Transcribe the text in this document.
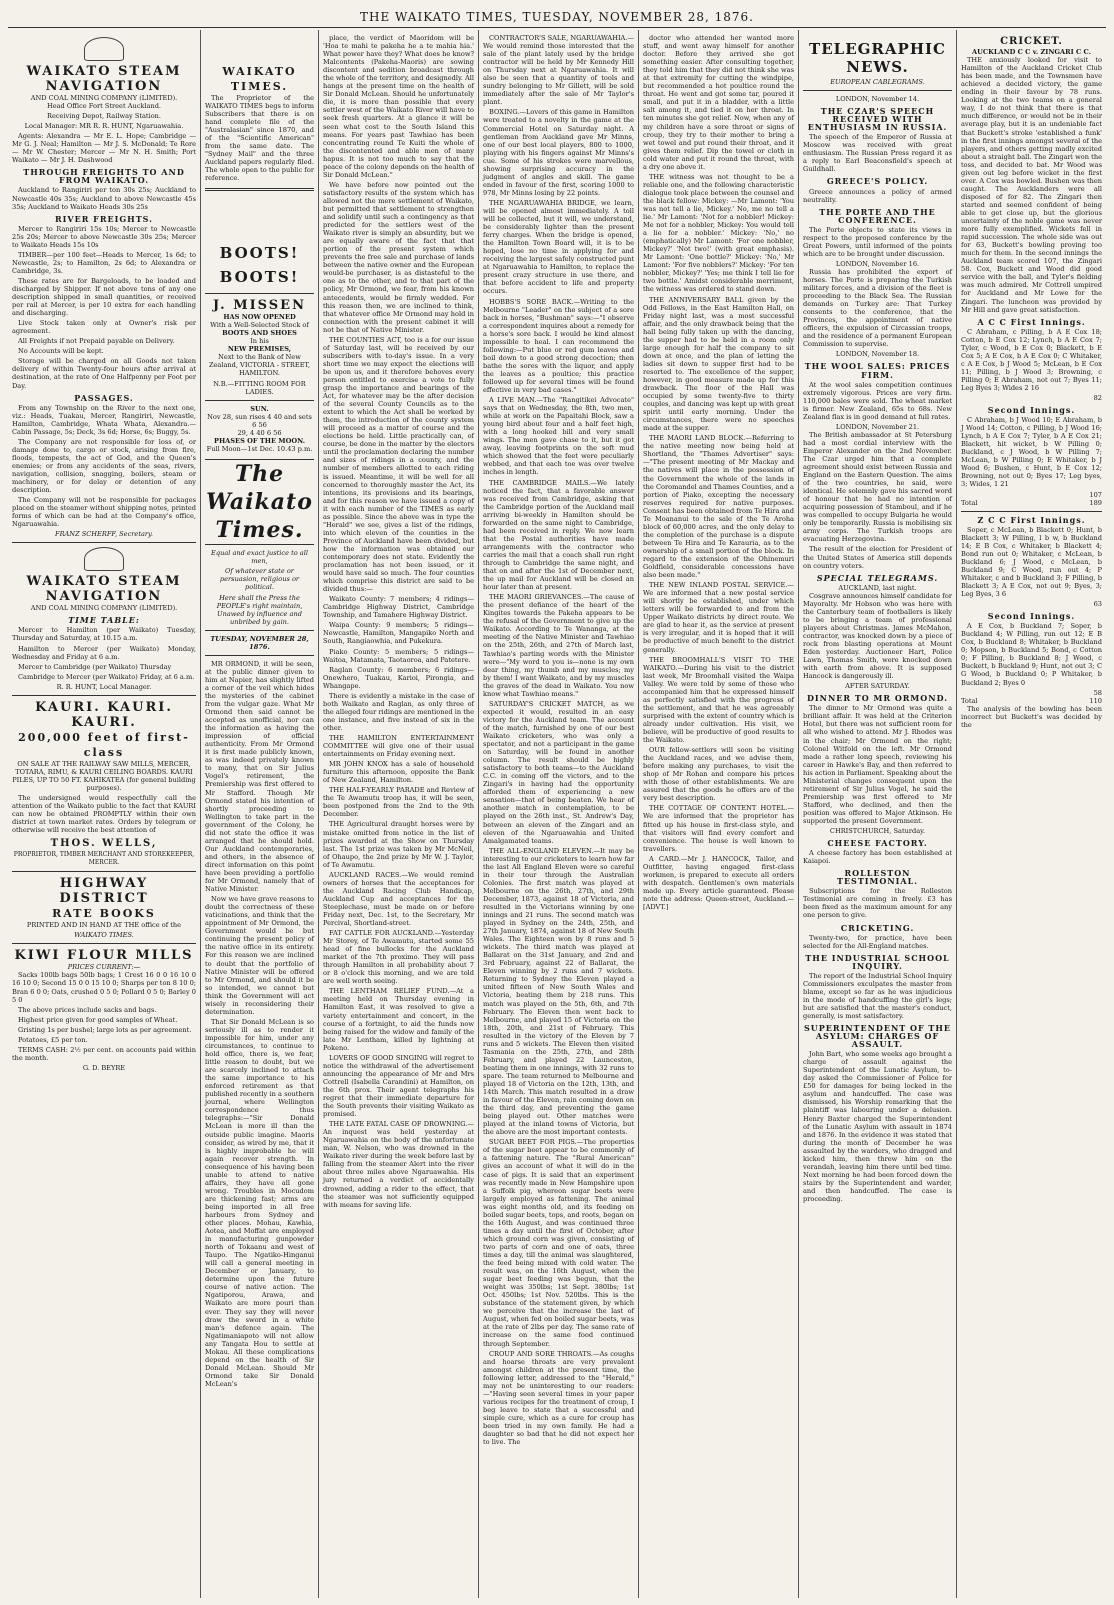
THE WAIKATO TIMES, TUESDAY, NOVEMBER 28, 1876.
WAIKATO STEAM NAVIGATION
AND COAL MINING COMPANY (LIMITED).

Head Office Fort Street Auckland.

Receiving Depot, Railway Station.

Local Manager: MR R. R. HUNT, Ngaruawahia.

Agents: Alexandra — Mr E. L. Hope; Cambridge — Mr G. J. Neal; Hamilton — Mr J. S. McDonald; Te Rore — Mr W. Chester; Mercer — Mr N. H. Smith; Port Waikato — Mr J. H. Dashwood

THROUGH FREIGHTS TO AND FROM WAIKATO.

Auckland to Rangiriri per ton 30s 25s; Auckland to Newcastle 40s 35s; Auckland to above Newcastle 45s 35s; Auckland to Waikato Heads 30s 25s

RIVER FREIGHTS.

Mercer to Rangiriri 15s 10s; Mercer to Newcastle 25s 20s; Mercer to above Newcastle 30s 25s; Mercer to Waikato Heads 15s 10s

TIMBER—per 100 feet—Heads to Mercer, 1s 6d; to Newcastle, 2s; to Hamilton, 2s 6d; to Alexandra or Cambridge, 3s.

These rates are for Bargeloads, to be loaded and discharged by Shipper. If not above tons of any one description shipped in small quantities, or received per rail at Mercer, is per 10 extra for each handling and discharging.

Live Stock taken only at Owner's risk per agreement.

All Freights if not Prepaid payable on Delivery.

No Accounts will be kept.

Storage will be charged on all Goods not taken delivery of within Twenty-four hours after arrival at destination, at the rate of One Halfpenny per Foot per Day.

PASSAGES.

From any Township on the River to the next one, viz.: Heads, Tuakau, Mercer, Rangiriri, Newcastle, Hamilton, Cambridge, Whata Whata, Alexandra.—Cabin Passage, 5s; Deck, 3s 6d; Horse, 6s; Buggy, 5s.

The Company are not responsible for loss of, or damage done to, cargo or stock, arising from fire, floods, tempests, the act of God, and the Queen's enemies; or from any accidents of the seas, rivers, navigation, collision, snagging, boilers, steam or machinery, or for delay or detention of any description.

The Company will not be responsible for packages placed on the steamer without shipping notes, printed forms of which can be had at the Company's office, Ngaruawahia.

FRANZ SCHERFF, Secretary.

WAIKATO STEAM NAVIGATION
AND COAL MINING COMPANY (LIMITED).
TIME TABLE:

Mercer to Hamilton (per Waikato) Tuesday, Thursday and Saturday, at 10.15 a.m.

Hamilton to Mercer (per Waikato) Monday, Wednesday and Friday at 6 a.m.

Mercer to Cambridge (per Waikato) Thursday

Cambridge to Mercer (per Waikato) Friday, at 6 a.m.

R. R. HUNT, Local Manager.

KAURI. KAURI. KAURI.
200,000 feet of first-class
ON SALE AT THE RAILWAY SAW MILLS, MERCER,

TOTARA, RIMU, & KAURI CEILING BOARDS. KAURI PILES, UP TO 50 FT. KAHIKATEA (for general building purposes).

The undersigned would respectfully call the attention of the Waikato public to the fact that KAURI can now be obtained PROMPTLY within their own district at town market rates. Orders by telegram or otherwise will receive the best attention of

THOS. WELLS,

PROPRIETOR, TIMBER MERCHANT AND STOREKEEPER, MERCER.

HIGHWAY DISTRICT
RATE BOOKS

PRINTED AND IN HAND AT THE office of the

WAIKATO TIMES.

KIWI FLOUR MILLS
PRICES CURRENT:—

Sacks 100lb bags 50lb bags; 1 Crest 16 0 0 16 10 0 16 10 0; Second 15 0 0 15 10 0; Sharps per ton 8 10 0; Bran 6 0 0; Oats, crushed 0 5 0; Pollard 0 5 0; Barley 0 5 0

The above prices include sacks and bags.

Highest price given for good samples of Wheat.

Gristing 1s per bushel; large lots as per agreement.

Potatoes, £5 per ton.

TERMS CASH: 2½ per cent. on accounts paid within the month.

G. D. BEYRE

WAIKATO TIMES.

The Proprietor of the WAIKATO TIMES begs to inform Subscribers that there is on hand complete file of the "Australasian" since 1870, and of the "Scientific American" from the same date. The "Sydney Mail" and the three Auckland papers regularly filed. The whole open to the public for reference.

BOOTS! BOOTS!
J. MISSEN
HAS NOW OPENED
With a Well-Selected Stock of
BOOTS AND SHOES
In his
NEW PREMISES,
Next to the Bank of New Zealand, VICTORIA - STREET, HAMILTON.
N.B.—FITTING ROOM FOR LADIES.
SUN.
Nov 28, sun rises 4 40 and sets 6 56
29, 4 40 6 56
PHASES OF THE MOON.
Full Moon—1st Dec. 10.43 p.m.
The Waikato Times.

Equal and exact justice to all men,

Of whatever state or persuasion, religious or political.

Here shall the Press the PEOPLE's right maintain, Unawed by influence and unbribed by gain.

TUESDAY, NOVEMBER 28, 1876.

MR ORMOND, it will be seen, at the public dinner given to him at Napier, has slightly lifted a corner of the veil which hides the mysteries of the cabinet from the vulgar gaze. What Mr Ormond then said cannot be accepted as unofficial, nor can the information as having the impression of official authenticity. From Mr Ormond it is first made publicly known, as was indeed privately known to many, that on Sir Julius Vogel's retirement, the Premiership was first offered to Mr Stafford. Though Mr Ormond stated his intention of shortly proceeding to Wellington to take part in the government of the Colony, he did not state the office it was arranged that he should hold. Our Auckland contemporaries, and others, in the absence of direct information on this point have been providing a portfolio for Mr Ormond, namely that of Native Minister.

Now we have grave reasons to doubt the correctness of these vaticinations, and think that the appointment of Mr Ormond, the Government would be but continuing the present policy of the native office in its entirety. For this reason we are inclined to doubt that the portfolio of Native Minister will be offered to Mr Ormond, and should it be so intended, we cannot but think the Government will act wisely in reconsidering their determination.

That Sir Donald McLean is so seriously ill as to render it impossible for him, under any circumstances, to continue to hold office, there is, we fear, little reason to doubt, but we are scarcely inclined to attach the same importance to his enforced retirement as that published recently in a southern journal, where Wellington correspondence thus telegraphs:—"Sir Donald McLean is more ill than the outside public imagine. Maoris consider, as wired by me, that it is highly improbable he will again recover strength. In consequence of his having been unable to attend to native affairs, they have all gone wrong. Troubles in Mocudom are thickening fast; arms are being imported in all free harbours from Sydney and other places. Mohau, Kawhia, Aotea, and Moffat are employed in manufacturing gunpowder north of Tokaanu and west of Taupo. The Ngatiko-Hinganui will call a general meeting in December or January, to determine upon the future course of native action. The Ngatiporou, Arawa, and Waikato are more pouri than ever. They say they will never draw the sword in a white man's defence again. The Ngatimaniapoto will not allow any Tangata Hou to settle at Mokau. All these complications depend on the health of Sir Donald McLean. Should Mr Ormond take Sir Donald McLean's

place, the verdict of Maoridom will be 'Hoa te mahi te pakeha he a te mahia hia.' What power have they? What does he know? Malcontents (Pakeha-Maoris) are sowing discontent and sedition broadcast through the whole of the territory, and designedly. All hangs at the present time on the health of Sir Donald McLean. Should he unfortunately die, it is more than possible that every settler west of the Waikato River will have to seek fresh quarters. At a glance it will be seen what cost to the South Island this means. For years past Tawhiao has been concentrating round Te Kuiti the whole of the discontented and able men of many hapus. It is not too much to say that the peace of the colony depends on the health of Sir Donald McLean."

We have before now pointed out the satisfactory results of the system which has allowed not the mere settlement of Waikato, but permitted that settlement to strengthen and solidify until such a contingency as that predicted for the settlers west of the Waikato river is simply an absurdity, but we are equally aware of the fact that that portion of the present system which prevents the free sale and purchase of lands between the native owner and the European would-be purchaser, is as distasteful to the one as to the other, and to that part of the policy, Mr Ormond, we fear, from his known antecedents, would be firmly wedded. For this reason then, we are inclined to think, that whatever office Mr Ormond may hold in connection with the present cabinet it will not be that of Native Minister.

THE COUNTIES ACT, too is a for our issue of Saturday last, will be received by our subscribers with to-day's issue. In a very short time we may expect the elections will be upon us, and it therefore behoves every person entitled to exercise a vote to fully grasp the importance and bearings of the Act, for whatever may be the after decision of the several County Councils as to the extent to which the Act shall be worked by them, the introduction of the county system will proceed as a matter of course and the elections be held. Little practically can, of course, be done in the matter by the electors until the proclamation declaring the number and sizes of ridings in a county, and the number of members allotted to each riding is issued. Meantime, it will be well for all concerned to thoroughly master the Act, its intentions, its provisions and its bearings, and for this reason we have issued a copy of it with each number of the TIMES as early as possible. Since the above was in type the "Herald" we see, gives a list of the ridings, into which eleven of the counties in the Province of Auckland have been divided, but how the information was obtained our contemporary does not state. Evidently the proclamation has not been issued, or it would have said so much. The four counties which comprise this district are said to be divided thus:—

Waikato County: 7 members; 4 ridings—Cambridge Highway District, Cambridge Township, and Tamahere Highway District.

Waipa County: 9 members; 5 ridings—Newcastle, Hamilton, Mangapiko North and South, Rangiaowhia, and Pukekura.

Piako County: 5 members; 5 ridings—Waitoa, Matamata, Taotaoroa, and Patetere.

Raglan County: 6 members; 6 ridings—Onewhero, Tuakau, Karioi, Pirongia, and Whangape.

There is evidently a mistake in the case of both Waikato and Raglan, as only three of the alleged four ridings are mentioned in the one instance, and five instead of six in the other.

THE HAMILTON ENTERTAINMENT COMMITTEE will give one of their usual entertainments on Friday evening next.

MR JOHN KNOX has a sale of household furniture this afternoon, opposite the Bank of New Zealand, Hamilton.

THE HALF-YEARLY PARADE and Review of the Te Awamutu troop has, it will be seen, been postponed from the 2nd to the 9th December.

THE Agricultural draught horses were by mistake omitted from notice in the list of prizes awarded at the Show on Thursday last. The 1st prize was taken by Mr McNeil, of Ohaupo, the 2nd prize by Mr W. J. Taylor, of Te Awamutu.

AUCKLAND RACES.—We would remind owners of horses that the acceptances for the Auckland Racing Club Handicap, Auckland Cup and acceptances for the Steeplechase, must be made on or before Friday next, Dec. 1st, to the Secretary, Mr Percival, Shortland-street.

FAT CATTLE FOR AUCKLAND.—Yesterday Mr Storey, of Te Awamutu, started some 55 head of fine bullocks for the Auckland market of the 7th proximo. They will pass through Hamilton in all probability about 7 or 8 o'clock this morning, and we are told are well worth seeing.

THE LENTHAM RELIEF FUND.—At a meeting held on Thursday evening in Hamilton East, it was resolved to give a variety entertainment and concert, in the course of a fortnight, to aid the funds now being raised for the widow and family of the late Mr Lentham, killed by lightning at Pokeno.

LOVERS OF GOOD SINGING will regret to notice the withdrawal of the advertisement announcing the appearance of Mr and Mrs Cottrell (Isabella Carandini) at Hamilton, on the 6th prox. Their agent telegraphs his regret that their immediate departure for the South prevents their visiting Waikato as promised.

THE LATE FATAL CASE OF DROWNING.—An inquest was held yesterday at Ngaruawahia on the body of the unfortunate man, W. Nelson, who was drowned in the Waikato river during the week before last by falling from the steamer Alert into the river about three miles above Ngaruawahia. His jury returned a verdict of accidentally drowned, adding a rider to the effect, that the steamer was not sufficiently equipped with means for saving life.

CONTRACTOR'S SALE, NGARUAWAHIA.—We would remind those interested that the sale of the plant lately used by the bridge contractor will be held by Mr Kennedy Hill on Thursday next at Ngaruawahia. It will also be seen that a quantity of tools and sundry belonging to Mr Gillett, will be sold immediately after the sale of Mr Taylor's plant.

BOXING.—Lovers of this game in Hamilton were treated to a novelty in the game at the Commercial Hotel on Saturday night. A gentleman from Auckland gave Mr Minns, one of our best local players, 800 to 1000, playing with his fingers against Mr Minns's cue. Some of his strokes were marvellous, showing surprising accuracy in the judgment of angles and skill. The game ended in favour of the first, scoring 1000 to 978, Mr Minns losing by 22 points.

THE NGARUAWAHIA BRIDGE, we learn, will be opened almost immediately. A toll will be collected, but it will, we understand, be considerably lighter than the present ferry charges. When the bridge is opened, the Hamilton Town Board will, it is to be hoped, lose no time in applying for and receiving the largest safely constructed punt at Ngaruawahia to Hamilton, to replace the present crazy structure in use there, and that before accident to life and property occurs.

HOBBS'S SORE BACK.—Writing to the Melbourne "Leader" on the subject of a sore back in horses, "Bushman" says:—"I observe a correspondent inquires about a remedy for a horse's sore back. I would be kind almost impossible to heal. I can recommend the following:—Put blue or red gum leaves and boil down to a good strong decoction; then bathe the sores with the liquor, and apply the leaves as a poultice; this practice followed up for several times will be found effective in very bad cases."

A LIVE MAN.—The "Rangitikei Advocate" says that on Wednesday, the 8th, two men, while at work on the Papaitahi Block, saw a young bird about four and a half feet high, with a long hooked bill and very small wings. The men gave chase to it, but it got away, leaving footprints on the soft mud which showed that the feet were peculiarly webbed, and that each toe was over twelve inches in length.

THE CAMBRIDGE MAILS.—We lately noticed the fact, that a favorable answer was received from Cambridge, asking that the Cambridge portion of the Auckland mail arriving bi-weekly in Hamilton should be forwarded on the same night to Cambridge, had been received in reply. We now learn that the Postal authorities have made arrangements with the contractor who carries the mail that a coach shall run right through to Cambridge the same night, and that on and after the 1st of December next, the up mail for Auckland will be closed an hour later than at present.

THE MAORI GRIEVANCES.—The cause of the present defiance of the heart of the Kingites towards the Pakeha appears to be the refusal of the Government to give up the Waikato. According to Te Wananga, at the meeting of the Native Minister and Tawhiao on the 25th, 26th, and 27th of March last, Tawhiao's parting words with the Minister were—"My word to you is—none is my own dear thing, my thumb and my muscles; my by them! I want Waikato, and by my muscles the graves of the dead in Waikato. You now know what Tawhiao means."

SATURDAY'S CRICKET MATCH, as we expected it would, resulted in an easy victory for the Auckland team. The account of the match, furnished by one of our best Waikato cricketers, who was only a spectator, and not a participant in the game on Saturday, will be found in another column. The result should be highly satisfactory to both teams—to the Auckland C.C. in coming off the victors, and to the Zingari's in having had the opportunity afforded them of experiencing a new sensation—that of being beaten. We hear of another match in contemplation, to be played on the 26th inst., St. Andrew's Day, between an eleven of the Zingari and an eleven of the Ngaruawahia and United Amalgamated teams.

THE ALL-ENGLAND ELEVEN.—It may be interesting to our cricketers to learn how far the last All England Eleven were so careful in their tour through the Australian Colonies. The first match was played at Melbourne on the 26th, 27th, and 29th December, 1873, against 18 of Victoria, and resulted in the Victorians winning by one innings and 21 runs. The second match was played in Sydney on the 24th, 25th, and 27th January, 1874, against 18 of New South Wales. The Eighteen won by 8 runs and 5 wickets. The third match was played at Ballarat on the 31st January, and 2nd and 3rd February, against 22 of Ballarat, the Eleven winning by 2 runs and 7 wickets. Returning to Sydney the Eleven played a united fifteen of New South Wales and Victoria, beating them by 218 runs. This match was played on the 5th, 6th, and 7th February. The Eleven then went back to Melbourne, and played 15 of Victoria on the 18th, 20th, and 21st of February. This resulted in the victory of the Eleven by 7 runs and 5 wickets. The Eleven then visited Tasmania on the 25th, 27th, and 28th February, and played 22 Launceston, beating them in one innings, with 32 runs to spare. The team returned to Melbourne and played 18 of Victoria on the 12th, 13th, and 14th March. This match resulted in a draw in favour of the Eleven, rain coming down on the third day, and preventing the game being played out. Other matches were played at the inland towns of Victoria, but the above are the most important contests.

SUGAR BEET FOR PIGS.—The properties of the sugar beet appear to be commonly of a fattening nature. The "Rural American" gives an account of what it will do in the case of pigs. It is said that an experiment was recently made in New Hampshire upon a Suffolk pig, whereon sugar beets were largely employed as fattening. The animal was eight months old, and its feeding on boiled sugar beets, tops, and roots, began on the 16th August, and was continued three times a day until the first of October, after which ground corn was given, consisting of two parts of corn and one of oats, three times a day, till the animal was slaughtered, the feed being mixed with cold water. The result was, on the 16th August, when the sugar beet feeding was begun, that the weight was 350lbs; 1st Sept. 380lbs; 1st Oct. 450lbs; 1st Nov. 520lbs. This is the substance of the statement given, by which we perceive that the increase the last of August, when fed on boiled sugar beets, was at the rate of 2lbs per day. The same rate of increase on the same food continued through September.

CROUP AND SORE THROATS.—As coughs and hoarse throats are very prevalent amongst children at the present time, the following letter, addressed to the "Herald," may not be uninteresting to our readers:—"Having seen several times in your paper various recipes for the treatment of croup, I beg leave to state that a successful and simple cure, which as a cure for croup has been tried in my own family. He had a daughter so bad that he did not expect her to live. The

doctor who attended her wanted more stuff, and went away himself for another doctor. Before they arrived she got something easier. After consulting together, they told him that they did not think she was at that extremity for cutting the windpipe, but recommended a hot poultice round the throat. He went and got some tar, poured it small, and put it in a bladder, with a little salt among it, and tied it on her throat. In ten minutes she got relief. Now, when any of my children have a sore throat or signs of croup, they try to their mother to bring a wet towel and put round their throat, and it gives them relief. Dip the towel or cloth in cold water and put it round the throat, with a dry one above it.

THE witness was not thought to be a reliable one, and the following characteristic dialogue took place between the counsel and the black fellow: Mickey: —Mr Lamont: 'You was not tell a lie, Mickey.' No, me no tell a lie.' Mr Lamont: 'Not for a nobbler! Mickey: Me not for a nobbler, Mickey: You would tell a lie for a nobbler.' Mickey: 'No,' no (emphatically) Mr Lamont: 'For one nobbler, Mickey?' 'Not two!' (with great emphasis). Mr Lamont: 'One bottle?' Mickey: 'No,' Mr Lamont: 'For five nobblers?' Mickey: 'For ten nobbler, Mickey?' 'Yes; me think I tell lie for two bottle.' Amidst considerable merriment, the witness was ordered to stand down.

THE ANNIVERSARY BALL given by the Odd Fellows, in the East Hamilton Hall, on Friday night last, was a most successful affair, and the only drawback being that the hall being fully taken up with the dancing, the supper had to be held in a room only large enough for half the company to sit down at once, and the plan of letting the ladies sit down to supper first had to be resorted to. The excellence of the supper, however, in good measure made up for this drawback. The floor of the Hall was occupied by some twenty-five to thirty couples, and dancing was kept up with great spirit until early morning. Under the circumstances, there were no speeches made at the supper.

THE MAORI LAND BLOCK.—Referring to the native meeting now being held at Shortland, the "Thames Advertiser" says:—"The present meeting of Mr Mackay and the natives will place in the possession of the Government the whole of the lands in the Coromandel and Thames Counties, and a portion of Piako, excepting the necessary reserves required for native purposes. Consent has been obtained from Te Hira and Te Moananui to the sale of the Te Aroha block of 60,000 acres, and the only delay to the completion of the purchase is a dispute between Te Hira and Te Karauria, as to the ownership of a small portion of the block. In regard to the extension of the Ohinemuri Goldfield, considerable concessions have also been made."

THE NEW INLAND POSTAL SERVICE.—We are informed that a new postal service will shortly be established, under which letters will be forwarded to and from the Upper Waikato districts by direct route. We are glad to hear it, as the service at present is very irregular, and it is hoped that it will be productive of much benefit to the district generally.

THE BROOMHALL'S VISIT TO THE WAIKATO.—During his visit to the district last week, Mr Broomhall visited the Waipa Valley. We were told by some of those who accompanied him that he expressed himself as perfectly satisfied with the progress of the settlement, and that he was agreeably surprised with the extent of country which is already under cultivation. His visit, we believe, will be productive of good results to the Waikato.

OUR fellow-settlers will soon be visiting the Auckland races, and we advise them, before making any purchases, to visit the shop of Mr Rohan and compare his prices with those of other establishments. We are assured that the goods he offers are of the very best description.

THE COTTAGE OF CONTENT HOTEL.—We are informed that the proprietor has fitted up his house in first-class style, and that visitors will find every comfort and convenience. The house is well known to travellers.

A CARD.—Mr J. HANCOCK, Tailor, and Outfitter, having engaged first-class workmen, is prepared to execute all orders with despatch. Gentlemen's own materials made up. Every article guaranteed. Please note the address: Queen-street, Auckland.—[ADVT.]

TELEGRAPHIC NEWS.
EUROPEAN CABLEGRAMS.
LONDON, November 14.
THE CZAR'S SPEECH RECEIVED WITH ENTHUSIASM IN RUSSIA.

The speech of the Emperor of Russia at Moscow was received with great enthusiasm. The Russian Press regard it as a reply to Earl Beaconsfield's speech at Guildhall.

GREECE'S POLICY.

Greece announces a policy of armed neutrality.

THE PORTE AND THE CONFERENCE.

The Porte objects to state its views in respect to the proposed conference by the Great Powers, until informed of the points which are to be brought under discussion.

LONDON, November 16.

Russia has prohibited the export of horses. The Porte is preparing the Turkish military forces, and a division of the fleet is proceeding to the Black Sea. The Russian demands on Turkey are: That Turkey consents to the conference, that the Provinces, the appointment of native officers, the expulsion of Circassian troops, and the residence of a permanent European Commission to supervise.

LONDON, November 18.
THE WOOL SALES: PRICES FIRM.

At the wool sales competition continues extremely vigorous. Prices are very firm. 110,000 bales were sold. The wheat market is firmer. New Zealand, 65s to 68s. New Zealand flax is in good demand at full rates.

LONDON, November 21.

The British ambassador at St Petersburg had a most cordial interview with the Emperor Alexander on the 2nd November. The Czar urged him that a complete agreement should exist between Russia and England on the Eastern Question. The aims of the two countries, he said, were identical. He solemnly gave his sacred word of honour that he had no intention of acquiring possession of Stamboul, and if he was compelled to occupy Bulgaria he would only be temporarily. Russia is mobilising six army corps. The Turkish troops are evacuating Herzegovina.

The result of the election for President of the United States of America still depends on country voters.

SPECIAL TELEGRAMS.
AUCKLAND, last night.

Cosgrave announces himself candidate for Mayoralty. Mr Hobson who was here with the Canterbury team of footballers is likely to be bringing a team of professional players about Christmas. James McMahon, contractor, was knocked down by a piece of rock from blasting operations at Mount Eden yesterday. Auctioneer Hart, Police Lawn, Thomas Smith, were knocked down with earth from above. It is supposed Hancock is dangerously ill.

AFTER SATURDAY.
DINNER TO MR ORMOND.

The dinner to Mr Ormond was quite a brilliant affair. It was held at the Criterion Hotel, but there was not sufficient room for all who wished to attend. Mr J. Rhodes was in the chair; Mr Ormond on the right; Colonel Witfold on the left. Mr Ormond made a rather long speech, reviewing his career in Hawke's Bay, and then referred to his action in Parliament. Speaking about the Ministerial changes consequent upon the retirement of Sir Julius Vogel, he said the Premiership was first offered to Mr Stafford, who declined, and then the position was offered to Major Atkinson. He supported the present Government.

CHRISTCHURCH, Saturday.
CHEESE FACTORY.

A cheese factory has been established at Kaiapoi.

ROLLESTON TESTIMONIAL.

Subscriptions for the Rolleston Testimonial are coming in freely. £3 has been fixed as the maximum amount for any one person to give.

CRICKETING.

Twenty-two, for practice, have been selected for the All-England matches.

THE INDUSTRIAL SCHOOL INQUIRY.

The report of the Industrial School Inquiry Commissioners exculpates the master from blame, except so far as he was injudicious in the mode of handcuffing the girl's legs; but are satisfied that the master's conduct, generally, is most satisfactory.

SUPERINTENDENT OF THE ASYLUM: CHARGES OF ASSAULT.

John Bart, who some weeks ago brought a charge of assault against the Superintendent of the Lunatic Asylum, to-day asked the Commissioner of Police for £50 for damages for being locked in the asylum and handcuffed. The case was dismissed, his Worship remarking that the plaintiff was labouring under a delusion. Henry Baxter charged the Superintendent of the Lunatic Asylum with assault in 1874 and 1876. In the evidence it was stated that during the month of December he was assaulted by the warders, who dragged and kicked him, then threw him on the verandah, leaving him there until bed time. Next morning he had been forced down the stairs by the Superintendent and warder, and then handcuffed. The case is proceeding.

CRICKET.
AUCKLAND C C v. ZINGARI C C.

THE anxiously looked for visit to Hamilton of the Auckland Cricket Club has been made, and the Townsmen have achieved a decided victory, the game ending in their favour by 78 runs. Looking at the two teams on a general way, I do not think that there is that much difference, or would not be in their average play, but it is an undeniable fact that Buckett's stroke 'established a funk' in the first innings amongst several of the players, and others getting madly excited about a straight ball. The Zingari won the toss, and decided to bat. Mr Wood was given out leg before wicket in the first over. A Cox was bowled. Bushen was then caught. The Aucklanders were all disposed of for 82. The Zingari then started and seemed confident of being able to get close up, but the glorious uncertainty of the noble game was never more fully exemplified. Wickets fell in rapid succession. The whole side was out for 63, Buckett's bowling proving too much for them. In the second innings the Auckland team scored 107, the Zingari 58. Cox, Buckett and Wood did good service with the ball, and Tyler's fielding was much admired. Mr Cottrell umpired for Auckland and Mr Lowe for the Zingari. The luncheon was provided by Mr Hill and gave great satisfaction.

A C C First Innings.

C Abraham, c Pilling, b A E Cox 18; Cotton, b E Cox 12; Lynch, b A E Cox 7; Tyler, c Wood, b E Cox 0; Blackett, b E Cox 5; A E Cox, b A E Cox 0; C Whitaker, c A E Cox, b J Wood 5; McLean, b E Cox 11; Pilling, b J Wood 3; Browning, c Pilling 0; E Abraham, not out 7; Byes 11; Leg Byes 3; Wides 2 16

82
Second Innings.

C Abraham, b J Wood 10; E Abraham, b J Wood 14; Cotton, c Pilling, b J Wood 16; Lynch, b A E Cox 7; Tyler, b A E Cox 21; Blackett, hit wicket, b W Pilling 0; Buckland, c J Wood, b W Pilling 7; McLean, b W Pilling 0; E Whitaker, b J Wood 6; Bushen, c Hunt, b E Cox 12; Browning, not out 0; Byes 17; Leg byes, 3; Wides, 1 21

107
Total	189
Z C C First Innings.

Soper, c McLean, b Blackett 0; Hunt, b Blackett 3; W Pilling, l b w, b Buckland 14; E B Cox, c Whitaker, b Blackett 4; Bond run out 0; Whitaker, c McLean, b Buckland 6; J Wood, c McLean, b Buckland 9; C Wood, run out 4; P Whitaker, c and b Buckland 3; F Pilling, b Blackett 3; A E Cox, not out 9; Byes, 3; Leg Byes, 3 6

63
Second Innings.

A E Cox, b Buckland 7; Soper, b Buckland 4; W Pilling, run out 12; E B Cox, b Buckland 8; Whitaker, b Buckland 0; Mopson, b Buckland 5; Bond, c Cotton 0; F Pilling, b Buckland 8; J Wood, c Buckett, b Buckland 9; Hunt, not out 3; C G Wood, b Buckland 0; P Whitaker, b Buckland 2; Byes 0

58
Total	110

The analysis of the bowling has been incorrect but Buckett's was decided by the
